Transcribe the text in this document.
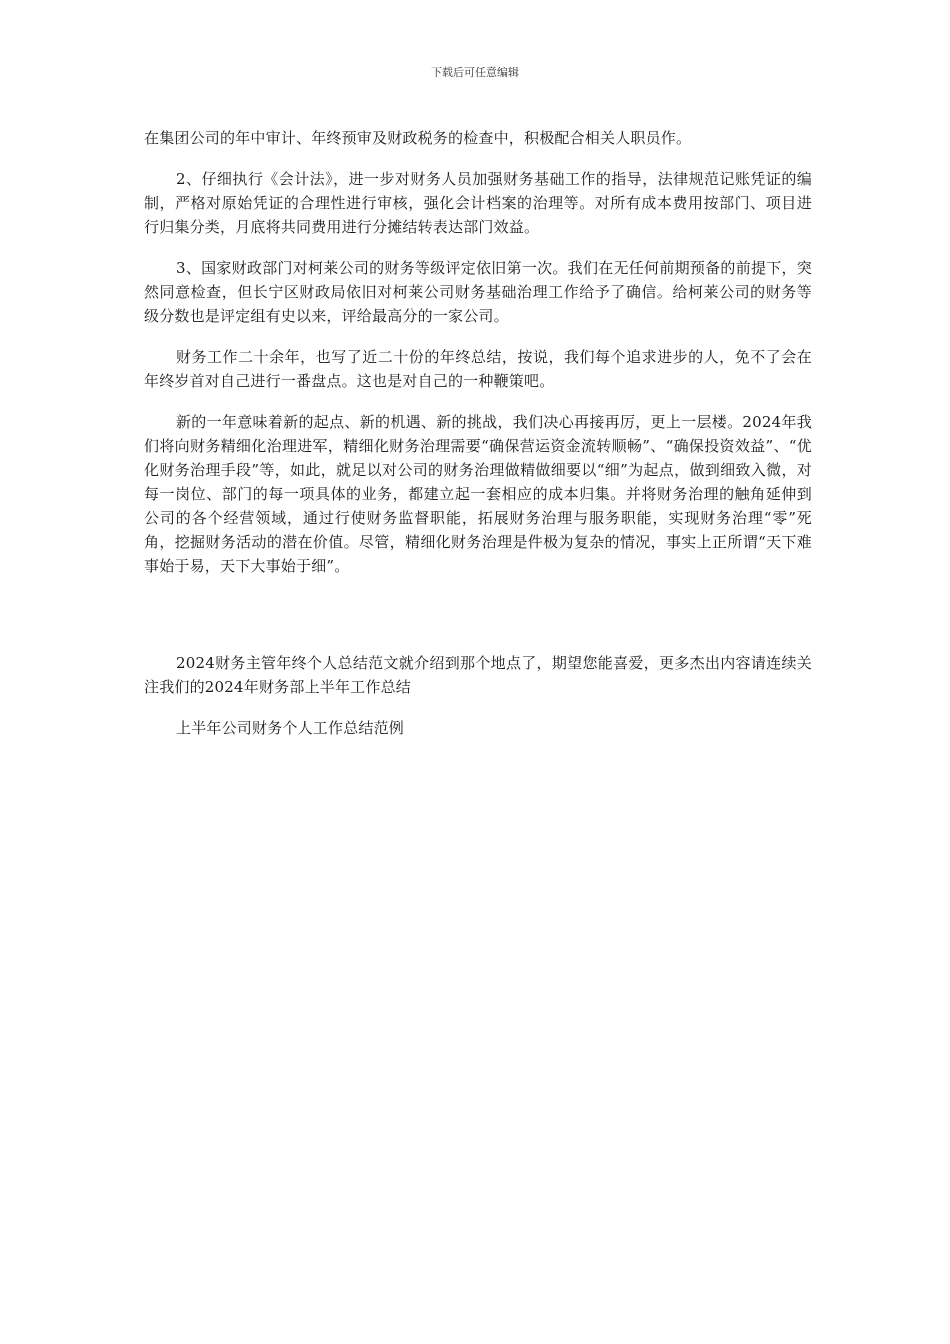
下载后可任意编辑

在集团公司的年中审计、年终预审及财政税务的检查中，积极配合相关人职员作。

2、仔细执行《会计法》，进一步对财务人员加强财务基础工作的指导，法律规范记账凭证的编制，严格对原始凭证的合理性进行审核，强化会计档案的治理等。对所有成本费用按部门、项目进行归集分类，月底将共同费用进行分摊结转表达部门效益。

3、国家财政部门对柯莱公司的财务等级评定依旧第一次。我们在无任何前期预备的前提下，突然同意检查，但长宁区财政局依旧对柯莱公司财务基础治理工作给予了确信。给柯莱公司的财务等级分数也是评定组有史以来，评给最高分的一家公司。

财务工作二十余年，也写了近二十份的年终总结，按说，我们每个追求进步的人，免不了会在年终岁首对自己进行一番盘点。这也是对自己的一种鞭策吧。

新的一年意味着新的起点、新的机遇、新的挑战，我们决心再接再厉，更上一层楼。2024年我们将向财务精细化治理进军，精细化财务治理需要“确保营运资金流转顺畅”、“确保投资效益”、“优化财务治理手段”等，如此，就足以对公司的财务治理做精做细要以“细”为起点，做到细致入微，对每一岗位、部门的每一项具体的业务，都建立起一套相应的成本归集。并将财务治理的触角延伸到公司的各个经营领域，通过行使财务监督职能，拓展财务治理与服务职能，实现财务治理“零”死角，挖掘财务活动的潜在价值。尽管，精细化财务治理是件极为复杂的情况，事实上正所谓“天下难事始于易，天下大事始于细”。

2024财务主管年终个人总结范文就介绍到那个地点了，期望您能喜爱，更多杰出内容请连续关注我们的2024年财务部上半年工作总结

上半年公司财务个人工作总结范例
